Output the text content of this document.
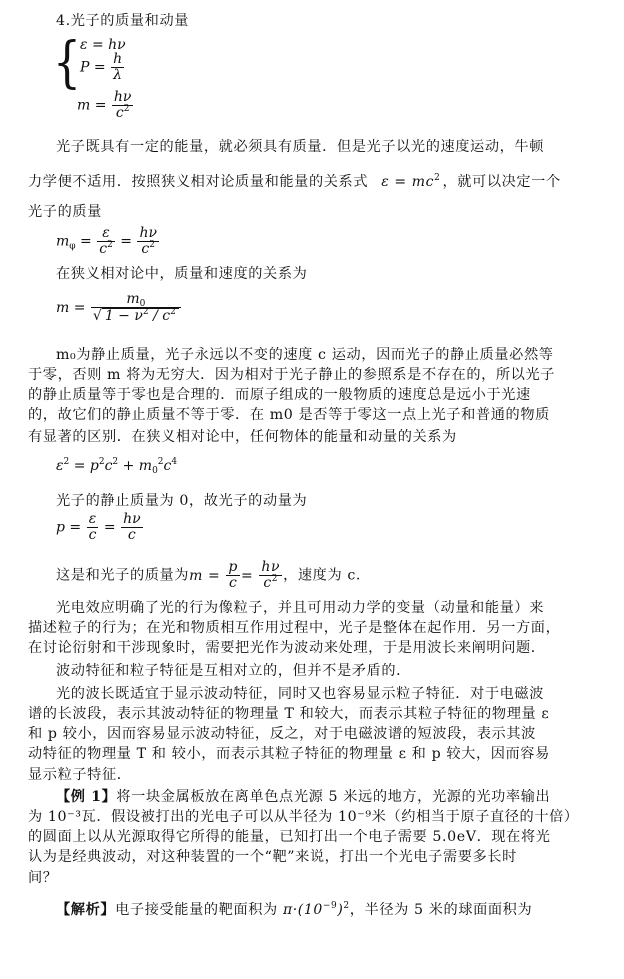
4.光子的质量和动量
{ ε = hν
$P = \frac{h}{\lambda}$
$m = \frac{h\nu}{c^2}$
光子既具有一定的能量，就必须具有质量．但是光子以光的速度运动，牛顿
力学便不适用．按照狭义相对论质量和能量的关系式 $\varepsilon = mc^2$ ，就可以决定一个
光子的质量
$m_\varphi = \frac{\varepsilon}{c^2} = \frac{h\nu}{c^2}$
在狭义相对论中，质量和速度的关系为
$m = \frac{m_0}{√ 1 - \nu^2 / c^2}$
m₀为静止质量，光子永远以不变的速度 c 运动，因而光子的静止质量必然等
于零，否则 m 将为无穷大．因为相对于光子静止的参照系是不存在的，所以光子
的静止质量等于零也是合理的．而原子组成的一般物质的速度总是远小于光速
的，故它们的静止质量不等于零．在 m0 是否等于零这一点上光子和普通的物质
有显著的区别．在狭义相对论中，任何物体的能量和动量的关系为
$\varepsilon^2 = p^2c^2 + m_0^2c^4$
光子的静止质量为 0，故光子的动量为
$p = \frac{\varepsilon}{c} = \frac{h\nu}{c}$
这是和光子的质量为$m = \frac{p}{c} = \frac{h\nu}{c^2}$ ，速度为 c.
光电效应明确了光的行为像粒子，并且可用动力学的变量（动量和能量）来
描述粒子的行为；在光和物质相互作用过程中，光子是整体在起作用．另一方面，
在讨论衍射和干涉现象时，需要把光作为波动来处理，于是用波长来阐明问题．
波动特征和粒子特征是互相对立的，但并不是矛盾的．
光的波长既适宜于显示波动特征，同时又也容易显示粒子特征．对于电磁波
谱的长波段，表示其波动特征的物理量 T 和较大，而表示其粒子特征的物理量 ε
和 p 较小，因而容易显示波动特征，反之，对于电磁波谱的短波段，表示其波
动特征的物理量 T 和 较小，而表示其粒子特征的物理量 ε 和 p 较大，因而容易
显示粒子特征．
【例 1】将一块金属板放在离单色点光源 5 米远的地方，光源的光功率输出
为 10⁻³瓦．假设被打出的光电子可以从半径为 10⁻⁹米（约相当于原子直径的十倍）
的圆面上以从光源取得它所得的能量，已知打出一个电子需要 5.0eV．现在将光
认为是经典波动，对这种装置的一个“靶”来说，打出一个光电子需要多长时
间？
【解析】电子接受能量的靶面积为 $\pi\cdot(10^{-9})^2$，半径为 5 米的球面面积为
